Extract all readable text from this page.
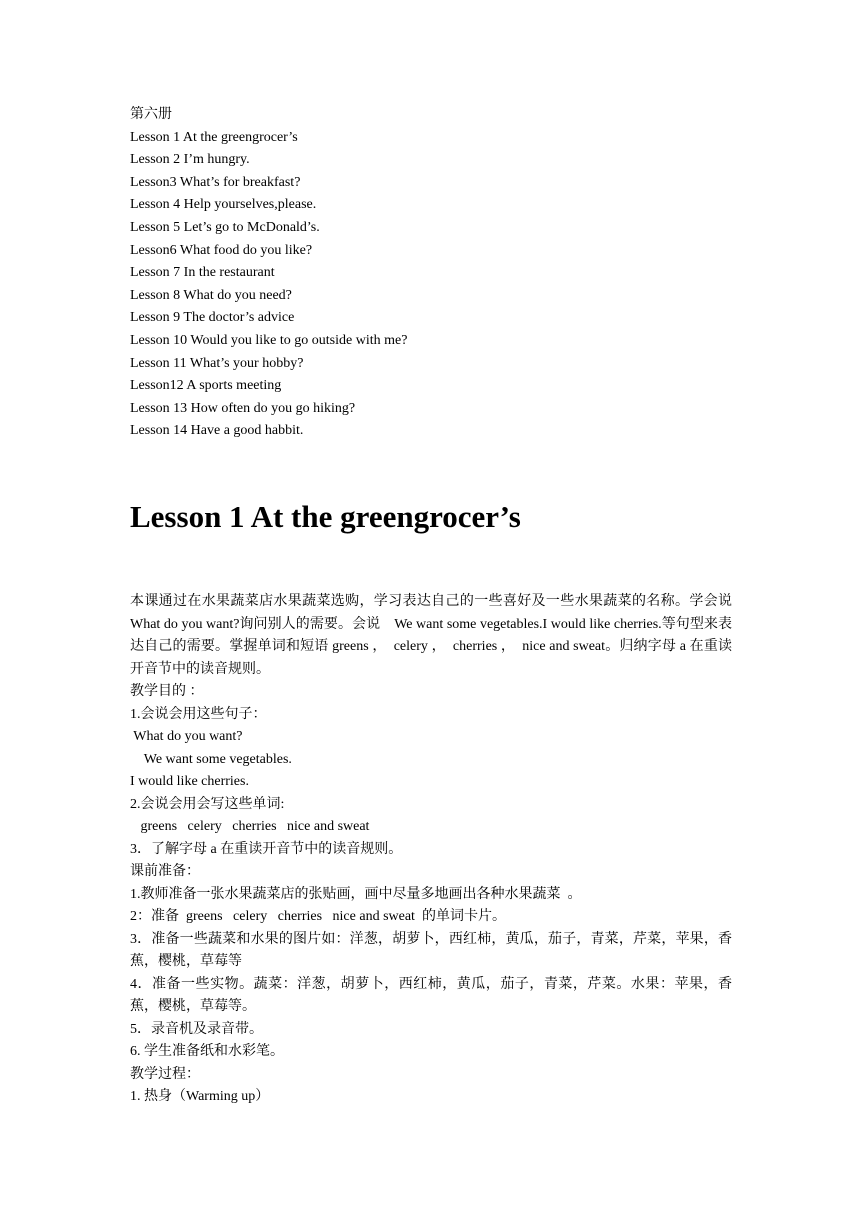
第六册
Lesson 1 At the greengrocer’s
Lesson 2 I’m hungry.
Lesson3 What’s for breakfast?
Lesson 4 Help yourselves,please.
Lesson 5 Let’s go to McDonald’s.
Lesson6 What food do you like?
Lesson 7 In the restaurant
Lesson 8 What do you need?
Lesson 9 The doctor’s advice
Lesson 10 Would you like to go outside with me?
Lesson 11 What’s your hobby?
Lesson12 A sports meeting
Lesson 13 How often do you go hiking?
Lesson 14 Have a good habbit.
Lesson 1 At the greengrocer’s
本课通过在水果蔬菜店水果蔬菜选购，学习表达自己的一些喜好及一些水果蔬菜的名称。学会说 What do you want?询问别人的需要。会说　We want some vegetables.I would like cherries.等句型来表达自己的需要。掌握单词和短语 greens ，　celery ，　cherries ，　nice and sweat。归纳字母 a 在重读开音节中的读音规则。
教学目的 ：
1.会说会用这些句子：
What do you want?
We want some vegetables.
I would like cherries.
2.会说会用会写这些单词:
greens   celery   cherries   nice and sweat
3．了解字母 a 在重读开音节中的读音规则。
课前准备：
1.教师准备一张水果蔬菜店的张贴画，画中尽量多地画出各种水果蔬菜  。
2：准备  greens   celery   cherries   nice and sweat  的单词卡片。
3．准备一些蔬菜和水果的图片如：洋葱，胡萝卜，西红柿，黄瓜，茄子，青菜，芹菜，苹果，香蕉，樱桃，草莓等
4．准备一些实物。蔬菜：洋葱，胡萝卜，西红柿，黄瓜，茄子，青菜，芹菜。水果：苹果，香蕉，樱桃，草莓等。
5．录音机及录音带。
6. 学生准备纸和水彩笔。
教学过程：
1. 热身（Warming up）
